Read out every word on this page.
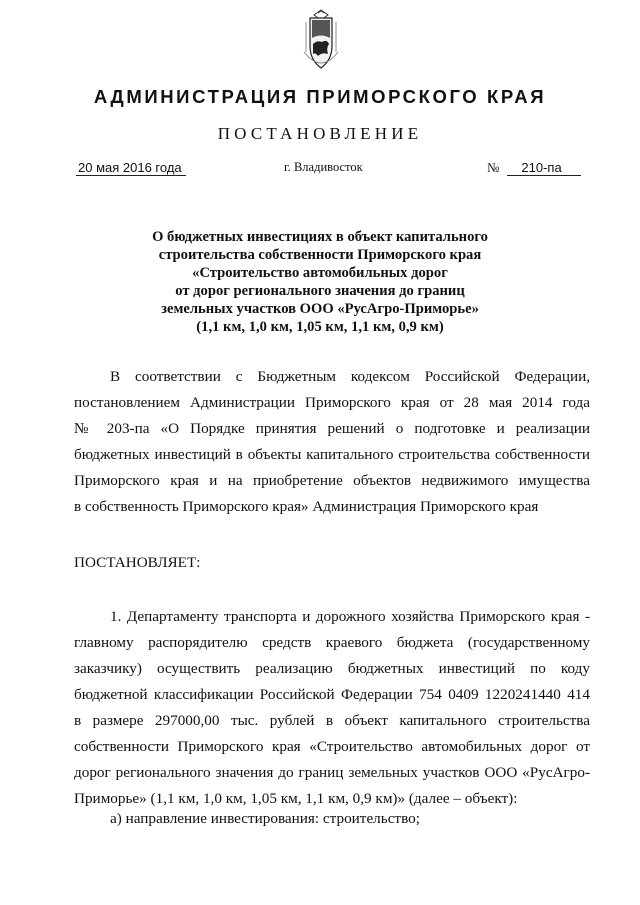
АДМИНИСТРАЦИЯ ПРИМОРСКОГО КРАЯ
ПОСТАНОВЛЕНИЕ
20 мая 2016 года	г. Владивосток	№ 210-па
О бюджетных инвестициях в объект капитального
строительства собственности Приморского края
«Строительство автомобильных дорог
от дорог регионального значения до границ
земельных участков ООО «РусАгро-Приморье»
(1,1 км, 1,0 км, 1,05 км, 1,1 км, 0,9 км)
В соответствии с Бюджетным кодексом Российской Федерации,
постановлением Администрации Приморского края от 28 мая 2014 года
№ 203-па «О Порядке принятия решений о подготовке и реализации
бюджетных инвестиций в объекты капитального строительства собственности
Приморского края и на приобретение объектов недвижимого имущества
в собственность Приморского края» Администрация Приморского края
ПОСТАНОВЛЯЕТ:
1. Департаменту транспорта и дорожного хозяйства Приморского края -
главному распорядителю средств краевого бюджета (государственному
заказчику) осуществить реализацию бюджетных инвестиций по коду
бюджетной классификации Российской Федерации 754 0409 1220241440 414
в размере 297000,00 тыс. рублей в объект капитального строительства
собственности Приморского края «Строительство автомобильных дорог от
дорог регионального значения до границ земельных участков ООО «РусАгро-
Приморье» (1,1 км, 1,0 км, 1,05 км, 1,1 км, 0,9 км)» (далее – объект):
а) направление инвестирования: строительство;
